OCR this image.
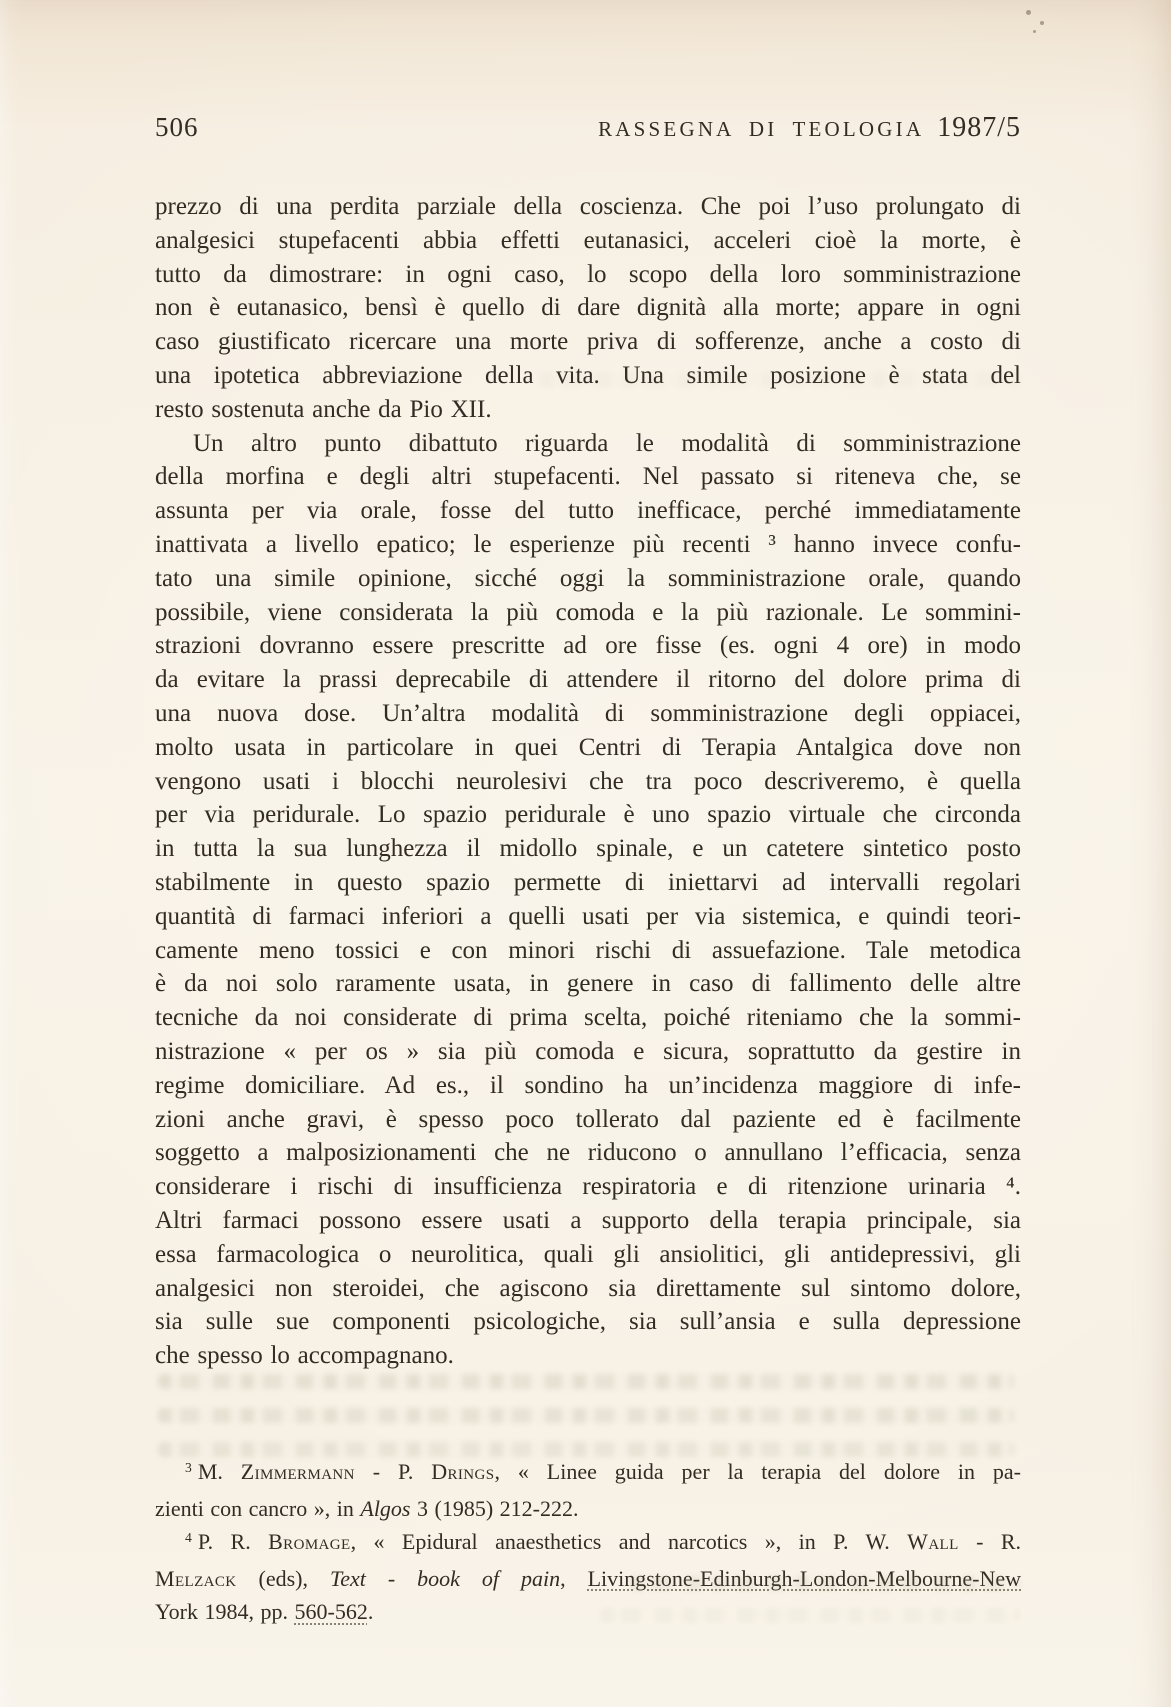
506	RASSEGNA DI TEOLOGIA 1987/5
prezzo di una perdita parziale della coscienza. Che poi l’uso prolungato di
analgesici stupefacenti abbia effetti eutanasici, acceleri cioè la morte, è
tutto da dimostrare: in ogni caso, lo scopo della loro somministrazione
non è eutanasico, bensì è quello di dare dignità alla morte; appare in ogni
caso giustificato ricercare una morte priva di sofferenze, anche a costo di
una ipotetica abbreviazione della vita. Una simile posizione è stata del
resto sostenuta anche da Pio XII.
Un altro punto dibattuto riguarda le modalità di somministrazione
della morfina e degli altri stupefacenti. Nel passato si riteneva che, se
assunta per via orale, fosse del tutto inefficace, perché immediatamente
inattivata a livello epatico; le esperienze più recenti ³ hanno invece confu-
tato una simile opinione, sicché oggi la somministrazione orale, quando
possibile, viene considerata la più comoda e la più razionale. Le sommini-
strazioni dovranno essere prescritte ad ore fisse (es. ogni 4 ore) in modo
da evitare la prassi deprecabile di attendere il ritorno del dolore prima di
una nuova dose. Un’altra modalità di somministrazione degli oppiacei,
molto usata in particolare in quei Centri di Terapia Antalgica dove non
vengono usati i blocchi neurolesivi che tra poco descriveremo, è quella
per via peridurale. Lo spazio peridurale è uno spazio virtuale che circonda
in tutta la sua lunghezza il midollo spinale, e un catetere sintetico posto
stabilmente in questo spazio permette di iniettarvi ad intervalli regolari
quantità di farmaci inferiori a quelli usati per via sistemica, e quindi teori-
camente meno tossici e con minori rischi di assuefazione. Tale metodica
è da noi solo raramente usata, in genere in caso di fallimento delle altre
tecniche da noi considerate di prima scelta, poiché riteniamo che la sommi-
nistrazione « per os » sia più comoda e sicura, soprattutto da gestire in
regime domiciliare. Ad es., il sondino ha un’incidenza maggiore di infe-
zioni anche gravi, è spesso poco tollerato dal paziente ed è facilmente
soggetto a malposizionamenti che ne riducono o annullano l’efficacia, senza
considerare i rischi di insufficienza respiratoria e di ritenzione urinaria ⁴.
Altri farmaci possono essere usati a supporto della terapia principale, sia
essa farmacologica o neurolitica, quali gli ansiolitici, gli antidepressivi, gli
analgesici non steroidei, che agiscono sia direttamente sul sintomo dolore,
sia sulle sue componenti psicologiche, sia sull’ansia e sulla depressione
che spesso lo accompagnano.
$^3$ M. Zimmermann - P. Drings, « Linee guida per la terapia del dolore in pa-
zienti con cancro », in Algos 3 (1985) 212-222.
$^4$ P. R. Bromage, « Epidural anaesthetics and narcotics », in P. W. Wall - R.
Melzack (eds), Text - book of pain, Livingstone-Edinburgh-London-Melbourne-New
York 1984, pp. 560-562.
